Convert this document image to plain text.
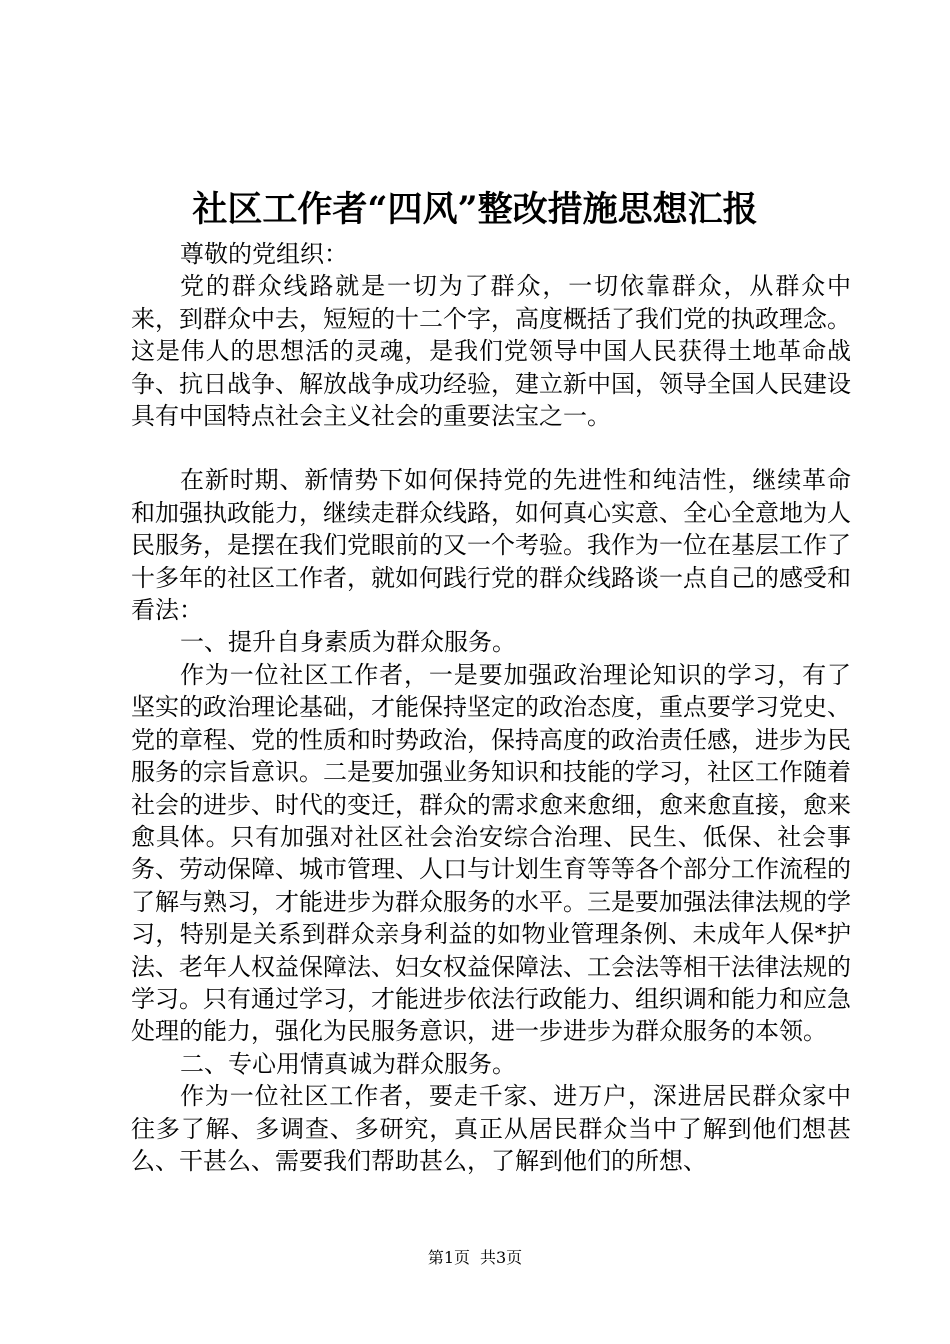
社区工作者“四风”整改措施思想汇报

尊敬的党组织：

党的群众线路就是一切为了群众，一切依靠群众，从群众中来，到群众中去，短短的十二个字，高度概括了我们党的执政理念。这是伟人的思想活的灵魂，是我们党领导中国人民获得土地革命战争、抗日战争、解放战争成功经验，建立新中国，领导全国人民建设具有中国特点社会主义社会的重要法宝之一。

在新时期、新情势下如何保持党的先进性和纯洁性，继续革命和加强执政能力，继续走群众线路，如何真心实意、全心全意地为人民服务，是摆在我们党眼前的又一个考验。我作为一位在基层工作了十多年的社区工作者，就如何践行党的群众线路谈一点自己的感受和看法：

一、提升自身素质为群众服务。

作为一位社区工作者，一是要加强政治理论知识的学习，有了坚实的政治理论基础，才能保持坚定的政治态度，重点要学习党史、党的章程、党的性质和时势政治，保持高度的政治责任感，进步为民服务的宗旨意识。二是要加强业务知识和技能的学习，社区工作随着社会的进步、时代的变迁，群众的需求愈来愈细，愈来愈直接，愈来愈具体。只有加强对社区社会治安综合治理、民生、低保、社会事务、劳动保障、城市管理、人口与计划生育等等各个部分工作流程的了解与熟习，才能进步为群众服务的水平。三是要加强法律法规的学习，特别是关系到群众亲身利益的如物业管理条例、未成年人保*护法、老年人权益保障法、妇女权益保障法、工会法等相干法律法规的学习。只有通过学习，才能进步依法行政能力、组织调和能力和应急处理的能力，强化为民服务意识，进一步进步为群众服务的本领。

二、专心用情真诚为群众服务。

作为一位社区工作者，要走千家、进万户，深进居民群众家中往多了解、多调查、多研究，真正从居民群众当中了解到他们想甚么、干甚么、需要我们帮助甚么，了解到他们的所想、

第1页 共3页
